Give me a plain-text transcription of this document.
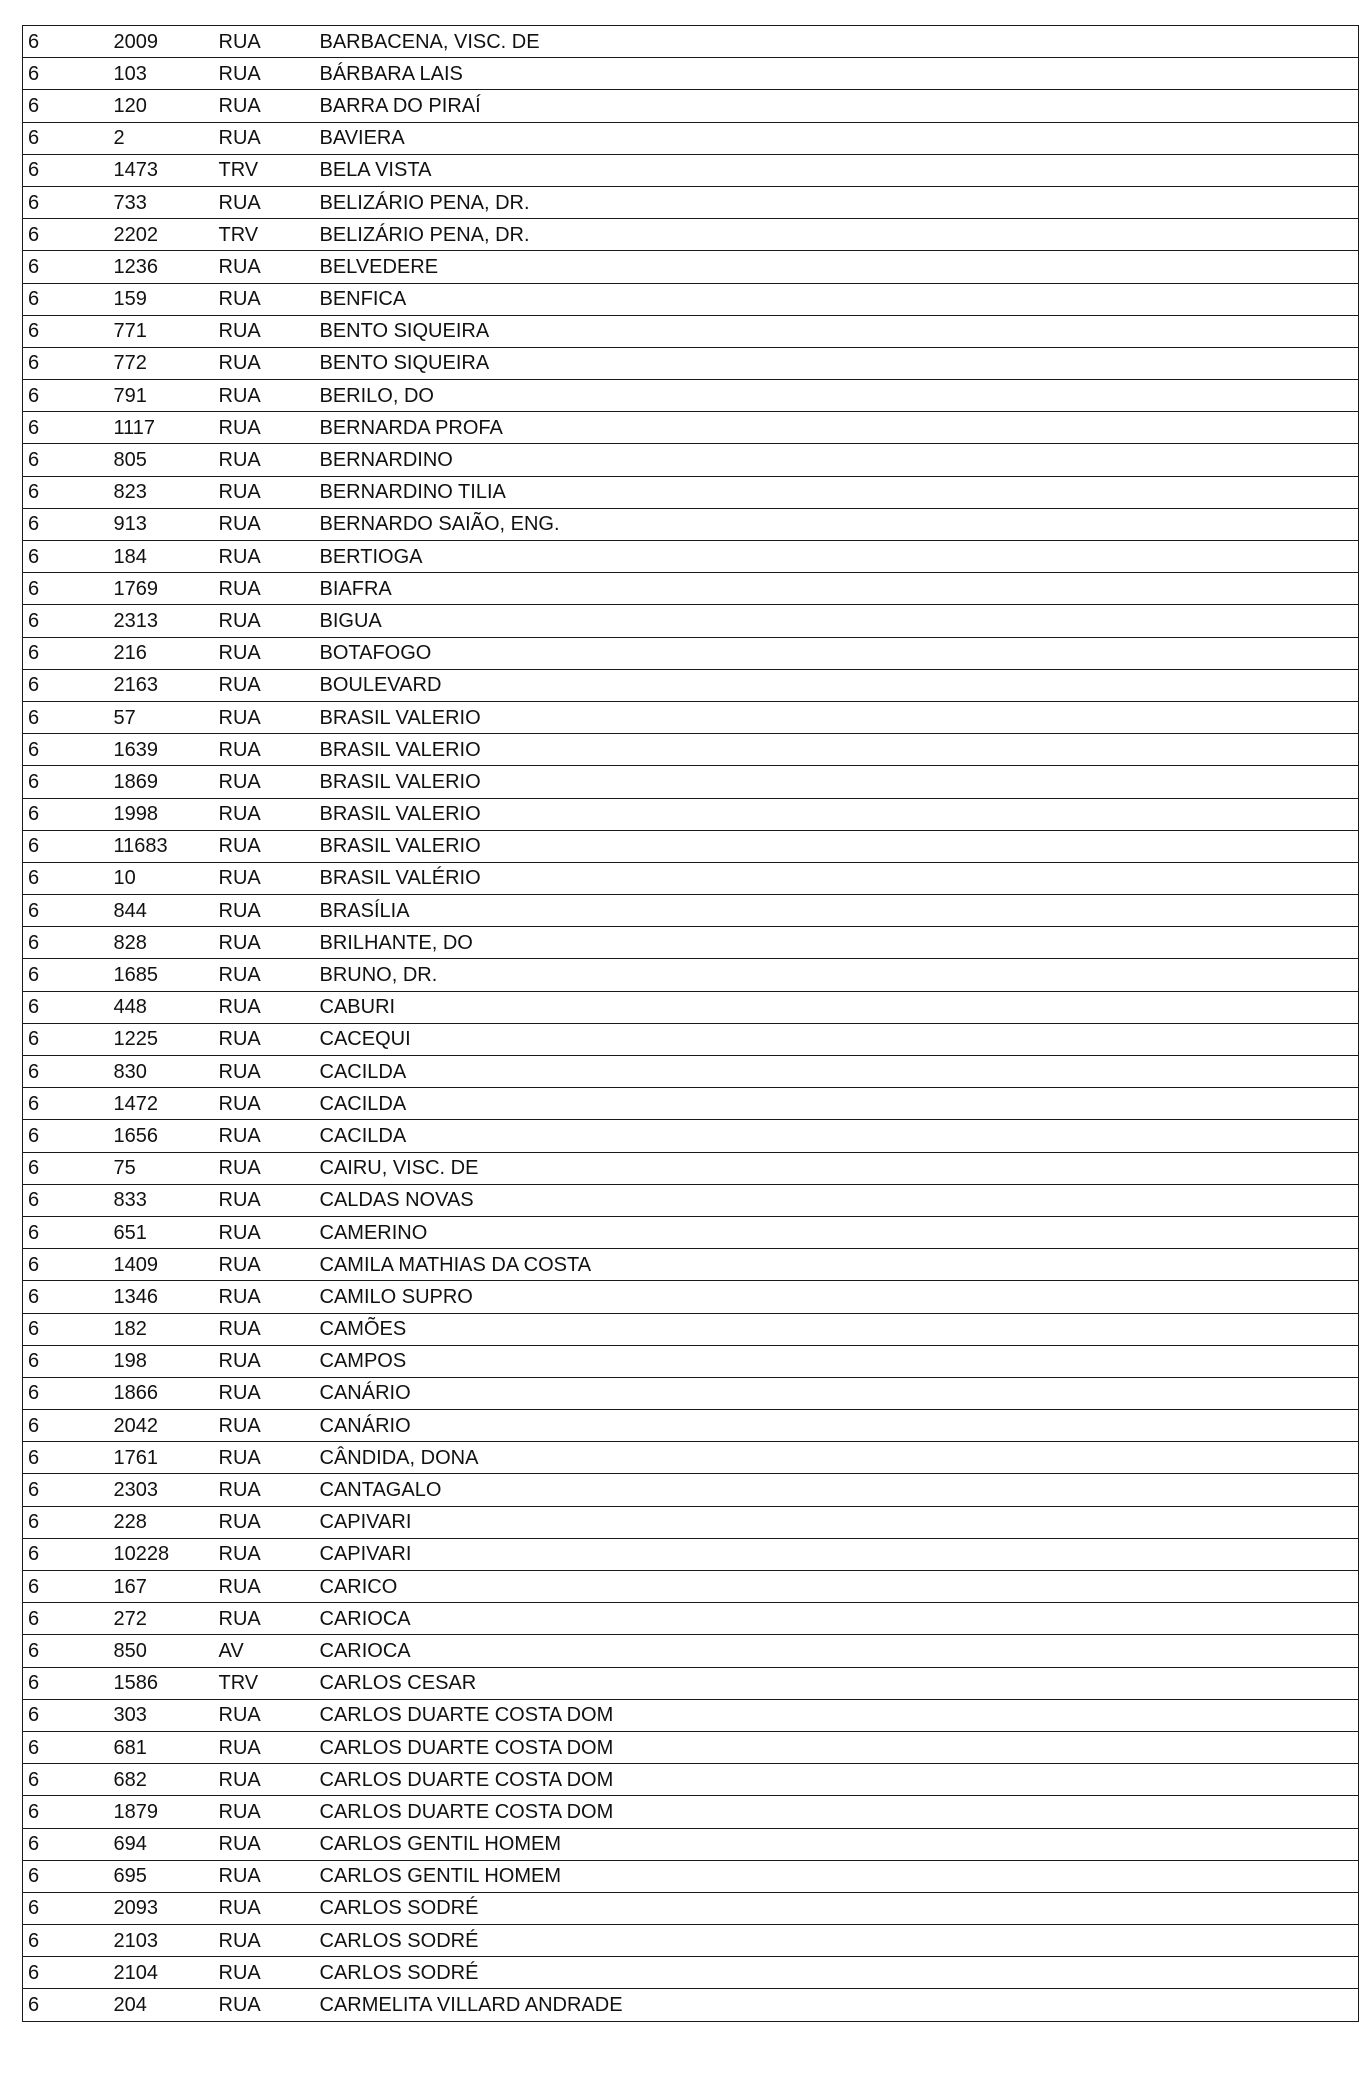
6	2009	RUA	BARBACENA, VISC. DE
6	103	RUA	BÁRBARA LAIS
6	120	RUA	BARRA DO PIRAÍ
6	2	RUA	BAVIERA
6	1473	TRV	BELA VISTA
6	733	RUA	BELIZÁRIO PENA, DR.
6	2202	TRV	BELIZÁRIO PENA, DR.
6	1236	RUA	BELVEDERE
6	159	RUA	BENFICA
6	771	RUA	BENTO SIQUEIRA
6	772	RUA	BENTO SIQUEIRA
6	791	RUA	BERILO, DO
6	1117	RUA	BERNARDA PROFA
6	805	RUA	BERNARDINO
6	823	RUA	BERNARDINO TILIA
6	913	RUA	BERNARDO SAIÃO, ENG.
6	184	RUA	BERTIOGA
6	1769	RUA	BIAFRA
6	2313	RUA	BIGUA
6	216	RUA	BOTAFOGO
6	2163	RUA	BOULEVARD
6	57	RUA	BRASIL VALERIO
6	1639	RUA	BRASIL VALERIO
6	1869	RUA	BRASIL VALERIO
6	1998	RUA	BRASIL VALERIO
6	11683	RUA	BRASIL VALERIO
6	10	RUA	BRASIL VALÉRIO
6	844	RUA	BRASÍLIA
6	828	RUA	BRILHANTE, DO
6	1685	RUA	BRUNO, DR.
6	448	RUA	CABURI
6	1225	RUA	CACEQUI
6	830	RUA	CACILDA
6	1472	RUA	CACILDA
6	1656	RUA	CACILDA
6	75	RUA	CAIRU, VISC. DE
6	833	RUA	CALDAS NOVAS
6	651	RUA	CAMERINO
6	1409	RUA	CAMILA MATHIAS DA COSTA
6	1346	RUA	CAMILO SUPRO
6	182	RUA	CAMÕES
6	198	RUA	CAMPOS
6	1866	RUA	CANÁRIO
6	2042	RUA	CANÁRIO
6	1761	RUA	CÂNDIDA, DONA
6	2303	RUA	CANTAGALO
6	228	RUA	CAPIVARI
6	10228	RUA	CAPIVARI
6	167	RUA	CARICO
6	272	RUA	CARIOCA
6	850	AV	CARIOCA
6	1586	TRV	CARLOS CESAR
6	303	RUA	CARLOS DUARTE COSTA DOM
6	681	RUA	CARLOS DUARTE COSTA DOM
6	682	RUA	CARLOS DUARTE COSTA DOM
6	1879	RUA	CARLOS DUARTE COSTA DOM
6	694	RUA	CARLOS GENTIL HOMEM
6	695	RUA	CARLOS GENTIL HOMEM
6	2093	RUA	CARLOS SODRÉ
6	2103	RUA	CARLOS SODRÉ
6	2104	RUA	CARLOS SODRÉ
6	204	RUA	CARMELITA VILLARD ANDRADE
